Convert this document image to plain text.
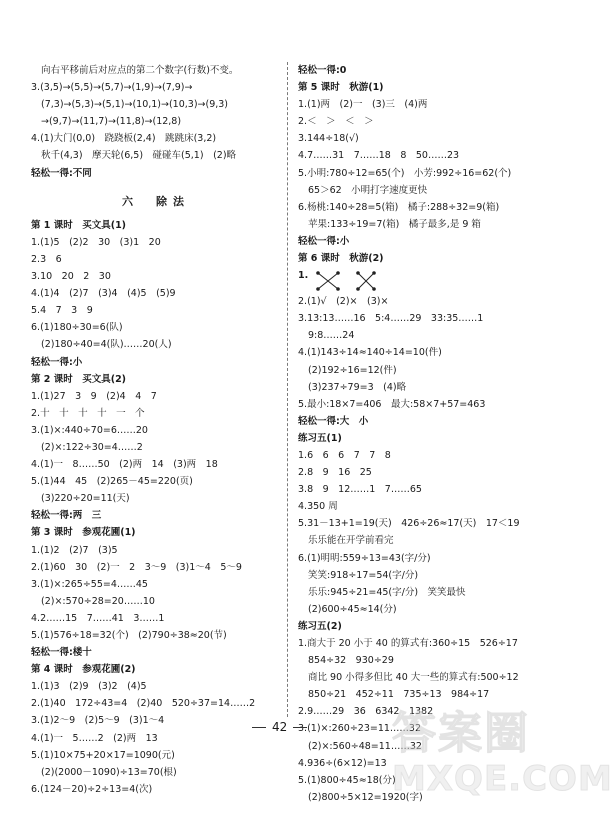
向右平移前后对应点的第二个数字(行数)不变。
3.(3,5)→(5,5)→(5,7)→(1,9)→(7,9)→
(7,3)→(5,3)→(5,1)→(10,1)→(10,3)→(9,3)
→(9,7)→(11,7)→(11,8)→(12,8)
4.(1)大门(0,0)　跷跷板(2,4)　跳跳床(3,2)
秋千(4,3)　摩天轮(6,5)　碰碰车(5,1)　(2)略
轻松一得:不同
六　除法
第 1 课时　买文具(1)
1.(1)5　(2)2　30　(3)1　20
2.3　6
3.10　20　2　30
4.(1)4　(2)7　(3)4　(4)5　(5)9
5.4　7　3　9
6.(1)180÷30=6(队)
(2)180÷40=4(队)……20(人)
轻松一得:小
第 2 课时　买文具(2)
1.(1)27　3　9　(2)4　4　7
2.十　十　十　十　一　个
3.(1)×:440÷70=6……20
(2)×:122÷30=4……2
4.(1)一　8……50　(2)两　14　(3)两　18
5.(1)44　45　(2)265－45=220(页)
(3)220÷20=11(天)
轻松一得:两　三
第 3 课时　参观花圃(1)
1.(1)2　(2)7　(3)5
2.(1)60　30　(2)一　2　3～9　(3)1～4　5～9
3.(1)×:265÷55=4……45
(2)×:570÷28=20……10
4.2……15　7……41　3……1
5.(1)576÷18=32(个)　(2)790÷38≈20(节)
轻松一得:楼十
第 4 课时　参观花圃(2)
1.(1)3　(2)9　(3)2　(4)5
2.(1)40　172÷43=4　(2)40　520÷37=14……2
3.(1)2～9　(2)5～9　(3)1～4
4.(1)一　5……2　(2)两　13
5.(1)10×75+20×17=1090(元)
(2)(2000－1090)÷13=70(根)
6.(124－20)÷2÷13=4(次)
轻松一得:0
第 5 课时　秋游(1)
1.(1)两　(2)一　(3)三　(4)两
2.＜　＞　＜　＞
3.144÷18(√)
4.7……31　7……18　8　50……23
5.小明:780÷12=65(个)　小芳:992÷16=62(个)
65＞62　小明打字速度更快
6.杨桃:140÷28=5(箱)　橘子:288÷32=9(箱)
苹果:133÷19=7(箱)　橘子最多,是 9 箱
轻松一得:小
第 6 课时　秋游(2)
1.
2.(1)√　(2)×　(3)×
3.13:13……16　5:4……29　33:35……1
9:8……24
4.(1)143÷14≈140÷14=10(件)
(2)192÷16=12(件)
(3)237÷79=3　(4)略
5.最小:18×7=406　最大:58×7+57=463
轻松一得:大　小
练习五(1)
1.6　6　6　7　7　8
2.8　9　16　25
3.8　9　12……1　7……65
4.350 周
5.31－13+1=19(天)　426÷26≈17(天)　17＜19
乐乐能在开学前看完
6.(1)明明:559÷13=43(字/分)
笑笑:918÷17=54(字/分)
乐乐:945÷21=45(字/分)　笑笑最快
(2)600÷45≈14(分)
练习五(2)
1.商大于 20 小于 40 的算式有:360÷15　526÷17
854÷32　930÷29
商比 90 小得多但比 40 大一些的算式有:500÷12
850÷21　452÷11　735÷13　984÷17
2.9……29　36　6342　1382
3.(1)×:260÷23=11……32
(2)×:560÷48=11……32
4.936÷(6×12)=13
5.(1)800÷45≈18(分)
(2)800÷5×12=1920(字)
42	答案圈
MXQE.COM
